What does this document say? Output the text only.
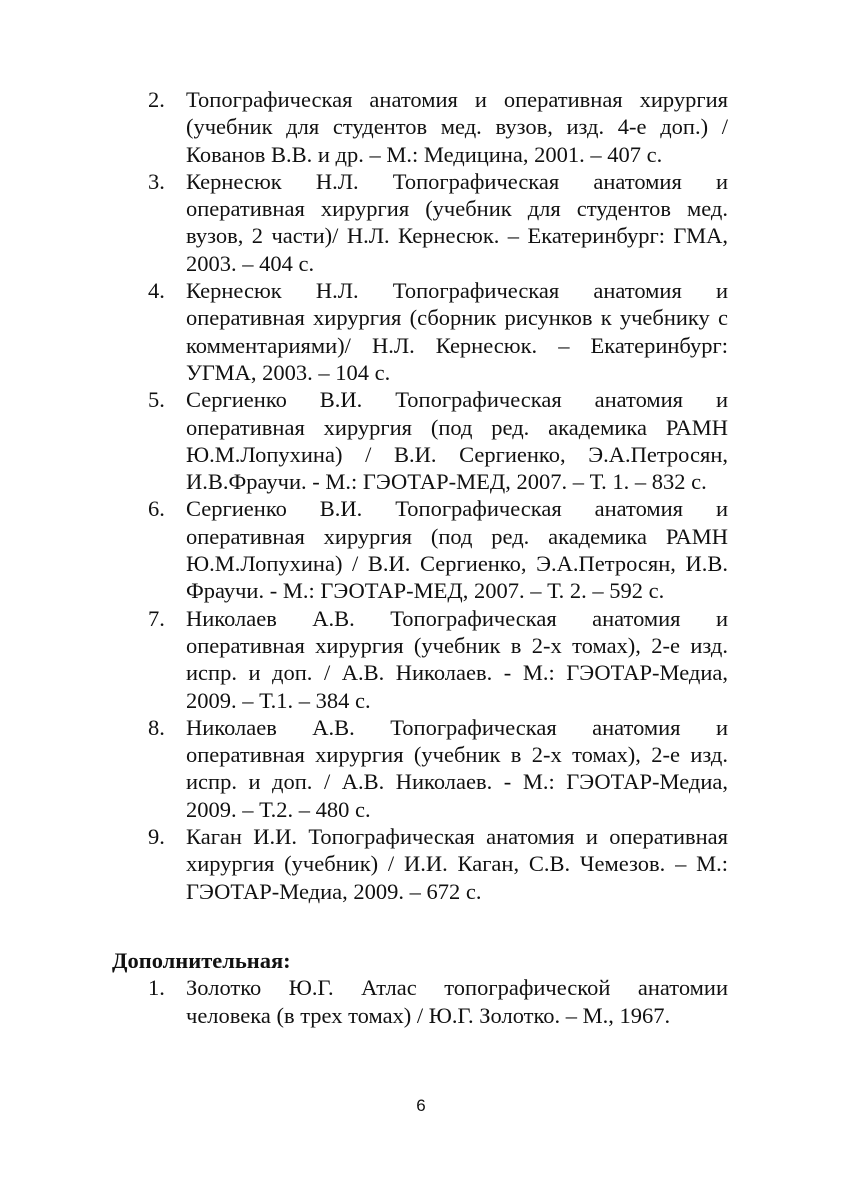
2. Топографическая анатомия и оперативная хирургия (учебник для студентов мед. вузов, изд. 4-е доп.) / Кованов В.В. и др. – М.: Медицина, 2001. – 407 с.
3. Кернесюк Н.Л. Топографическая анатомия и оперативная хирургия (учебник для студентов мед. вузов, 2 части)/ Н.Л. Кернесюк. – Екатеринбург: ГМА, 2003. – 404 с.
4. Кернесюк Н.Л. Топографическая анатомия и оперативная хирургия (сборник рисунков к учебнику с комментариями)/ Н.Л. Кернесюк. – Екатеринбург: УГМА, 2003. – 104 с.
5. Сергиенко В.И. Топографическая анатомия и оперативная хирургия (под ред. академика РАМН Ю.М.Лопухина) / В.И. Сергиенко, Э.А.Петросян, И.В.Фраучи. - М.: ГЭОТАР-МЕД, 2007. – Т. 1. – 832 с.
6. Сергиенко В.И. Топографическая анатомия и оперативная хирургия (под ред. академика РАМН Ю.М.Лопухина) / В.И. Сергиенко, Э.А.Петросян, И.В. Фраучи. - М.: ГЭОТАР-МЕД, 2007. – Т. 2. – 592 с.
7. Николаев А.В. Топографическая анатомия и оперативная хирургия (учебник в 2-х томах), 2-е изд. испр. и доп. / А.В. Николаев. - М.: ГЭОТАР-Медиа, 2009. – Т.1. – 384 с.
8. Николаев А.В. Топографическая анатомия и оперативная хирургия (учебник в 2-х томах), 2-е изд. испр. и доп. / А.В. Николаев. - М.: ГЭОТАР-Медиа, 2009. – Т.2. – 480 с.
9. Каган И.И. Топографическая анатомия и оперативная хирургия (учебник) / И.И. Каган, С.В. Чемезов. – М.: ГЭОТАР-Медиа, 2009. – 672 с.
Дополнительная:
1. Золотко Ю.Г. Атлас топографической анатомии человека (в трех томах) / Ю.Г. Золотко. – М., 1967.
6
